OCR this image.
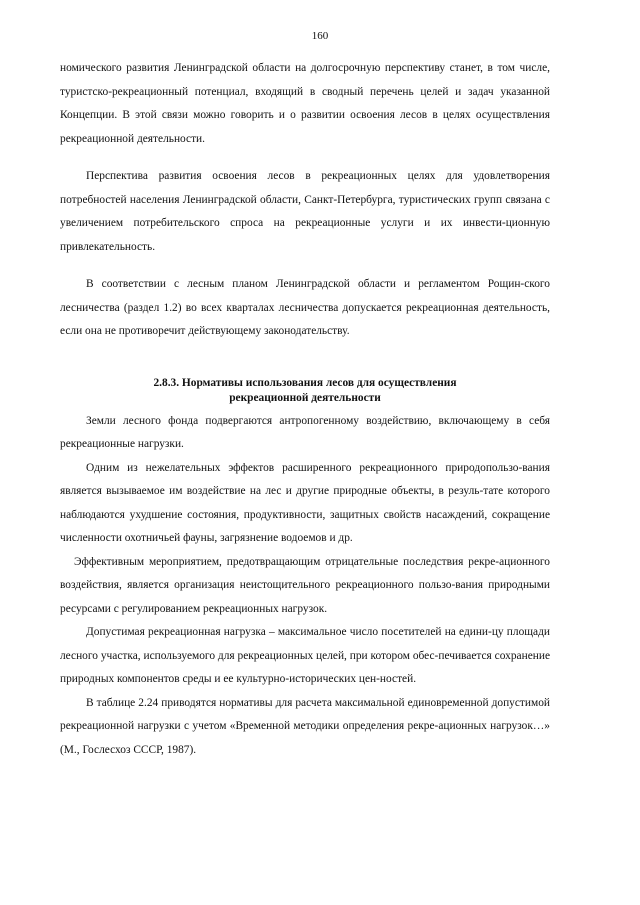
160

номического развития Ленинградской области на долгосрочную перспективу станет, в том числе, туристско-рекреационный потенциал, входящий в сводный перечень целей и задач указанной Концепции. В этой связи можно говорить и о развитии освоения лесов в целях осуществления рекреационной деятельности.

Перспектива развития освоения лесов в рекреационных целях для удовлетворения потребностей населения Ленинградской области, Санкт-Петербурга, туристических групп связана с увеличением потребительского спроса на рекреационные услуги и их инвести-ционную привлекательность.

В соответствии с лесным планом Ленинградской области и регламентом Рощин-ского лесничества (раздел 1.2) во всех кварталах лесничества допускается рекреационная деятельность, если она не противоречит действующему законодательству.

2.8.3. Нормативы использования лесов для осуществления
рекреационной деятельности

Земли лесного фонда подвергаются антропогенному воздействию, включающему в себя рекреационные нагрузки.

Одним из нежелательных эффектов расширенного рекреационного природопользо-вания является вызываемое им воздействие на лес и другие природные объекты, в резуль-тате которого наблюдаются ухудшение состояния, продуктивности, защитных свойств насаждений, сокращение численности охотничьей фауны, загрязнение водоемов и др.

Эффективным мероприятием, предотвращающим отрицательные последствия рекре-ационного воздействия, является организация неистощительного рекреационного пользо-вания природными ресурсами с регулированием рекреационных нагрузок.

Допустимая рекреационная нагрузка – максимальное число посетителей на едини-цу площади лесного участка, используемого для рекреационных целей, при котором обес-печивается сохранение природных компонентов среды и ее культурно-исторических цен-ностей.

В таблице 2.24 приводятся нормативы для расчета максимальной единовременной допустимой рекреационной нагрузки с учетом «Временной методики определения рекре-ационных нагрузок…» (М., Гослесхоз СССР, 1987).
